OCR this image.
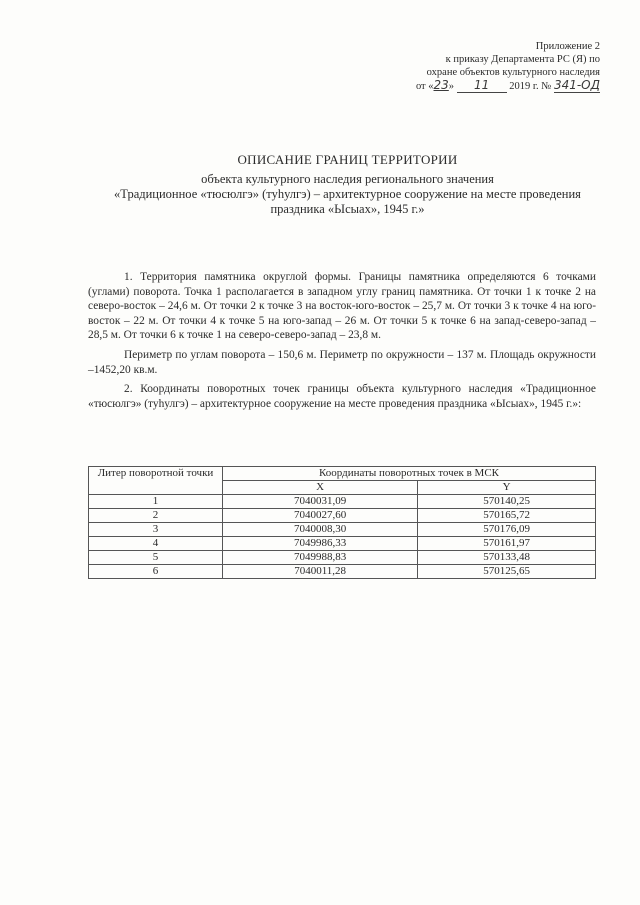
Приложение 2
к приказу Департамента РС (Я) по
охране объектов культурного наследия
от «23» 11 2019 г. № 341-ОД
ОПИСАНИЕ ГРАНИЦ ТЕРРИТОРИИ
объекта культурного наследия регионального значения
«Традиционное «тюсюлгэ» (туһулгэ) – архитектурное сооружение на месте проведения
праздника «Ысыах», 1945 г.»

1. Территория памятника округлой формы. Границы памятника определяются 6 точками (углами) поворота. Точка 1 располагается в западном углу границ памятника. От точки 1 к точке 2 на северо-восток – 24,6 м. От точки 2 к точке 3 на восток-юго-восток – 25,7 м. От точки 3 к точке 4 на юго-восток – 22 м. От точки 4 к точке 5 на юго-запад – 26 м. От точки 5 к точке 6 на запад-северо-запад – 28,5 м. От точки 6 к точке 1 на северо-северо-запад – 23,8 м.

Периметр по углам поворота – 150,6 м. Периметр по окружности – 137 м. Площадь окружности –1452,20 кв.м.

2. Координаты поворотных точек границы объекта культурного наследия «Традиционное «тюсюлгэ» (туһулгэ) – архитектурное сооружение на месте проведения праздника «Ысыах», 1945 г.»:

Литер поворотной точки	Координаты поворотных точек в МСК	
	X	Y
1	7040031,09	570140,25
2	7040027,60	570165,72
3	7040008,30	570176,09
4	7049986,33	570161,97
5	7049988,83	570133,48
6	7040011,28	570125,65
